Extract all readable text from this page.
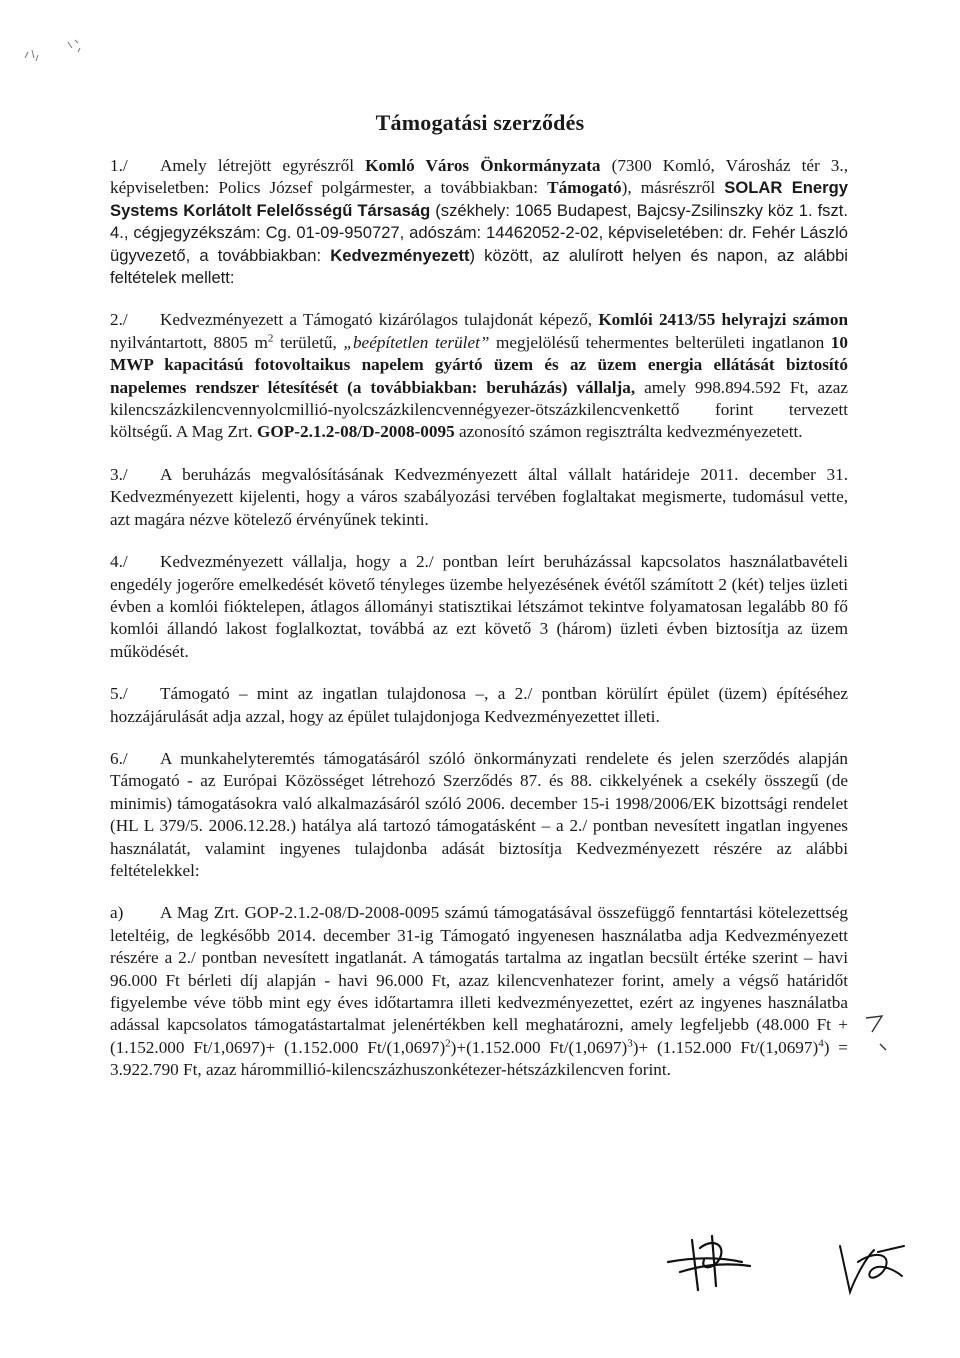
Támogatási szerződés

1./ Amely létrejött egyrészről Komló Város Önkormányzata (7300 Komló, Városház tér 3., képviseletben: Polics József polgármester, a továbbiakban: Támogató), másrészről SOLAR Energy Systems Korlátolt Felelősségű Társaság (székhely: 1065 Budapest, Bajcsy-Zsilinszky köz 1. fszt. 4., cégjegyzékszám: Cg. 01-09-950727, adószám: 14462052-2-02, képviseletében: dr. Fehér László ügyvezető, a továbbiakban: Kedvezményezett) között, az alulírott helyen és napon, az alábbi feltételek mellett:

2./ Kedvezményezett a Támogató kizárólagos tulajdonát képező, Komlói 2413/55 helyrajzi számon nyilvántartott, 8805 $m^2$ területű, „beépítetlen terület” megjelölésű tehermentes belterületi ingatlanon 10 MWP kapacitású fotovoltaikus napelem gyártó üzem és az üzem energia ellátását biztosító napelemes rendszer létesítését (a továbbiakban: beruházás) vállalja, amely 998.894.592 Ft, azaz kilencszázkilencvennyolcmillió-nyolcszázkilencvennégyezer-ötszázkilencvenkettő forint tervezett költségű. A Mag Zrt. GOP-2.1.2-08/D-2008-0095 azonosító számon regisztrálta kedvezményezetett.

3./ A beruházás megvalósításának Kedvezményezett által vállalt határideje 2011. december 31. Kedvezményezett kijelenti, hogy a város szabályozási tervében foglaltakat megismerte, tudomásul vette, azt magára nézve kötelező érvényűnek tekinti.

4./ Kedvezményezett vállalja, hogy a 2./ pontban leírt beruházással kapcsolatos használatbavételi engedély jogerőre emelkedését követő tényleges üzembe helyezésének évétől számított 2 (két) teljes üzleti évben a komlói fióktelepen, átlagos állományi statisztikai létszámot tekintve folyamatosan legalább 80 fő komlói állandó lakost foglalkoztat, továbbá az ezt követő 3 (három) üzleti évben biztosítja az üzem működését.

5./ Támogató – mint az ingatlan tulajdonosa –, a 2./ pontban körülírt épület (üzem) építéséhez hozzájárulását adja azzal, hogy az épület tulajdonjoga Kedvezményezettet illeti.

6./ A munkahelyteremtés támogatásáról szóló önkormányzati rendelete és jelen szerződés alapján Támogató - az Európai Közösséget létrehozó Szerződés 87. és 88. cikkelyének a csekély összegű (de minimis) támogatásokra való alkalmazásáról szóló 2006. december 15-i 1998/2006/EK bizottsági rendelet (HL L 379/5. 2006.12.28.) hatálya alá tartozó támogatásként – a 2./ pontban nevesített ingatlan ingyenes használatát, valamint ingyenes tulajdonba adását biztosítja Kedvezményezett részére az alábbi feltételekkel:

a) A Mag Zrt. GOP-2.1.2-08/D-2008-0095 számú támogatásával összefüggő fenntartási kötelezettség leteltéig, de legkésőbb 2014. december 31-ig Támogató ingyenesen használatba adja Kedvezményezett részére a 2./ pontban nevesített ingatlanát. A támogatás tartalma az ingatlan becsült értéke szerint – havi 96.000 Ft bérleti díj alapján - havi 96.000 Ft, azaz kilencvenhatezer forint, amely a végső határidőt figyelembe véve több mint egy éves időtartamra illeti kedvezményezettet, ezért az ingyenes használatba adással kapcsolatos támogatástartalmat jelenértékben kell meghatározni, amely legfeljebb (48.000 Ft + (1.152.000 Ft/1,0697)+ (1.152.000 $Ft/(1,0697)^2)+(1.152.000$ $Ft/(1,0697)^3)+ (1.152.000$ $Ft/(1,0697)^4) = 3.922.790$ Ft, azaz hárommillió-kilencszázhuszonkétezer-hétszázkilencven forint.
